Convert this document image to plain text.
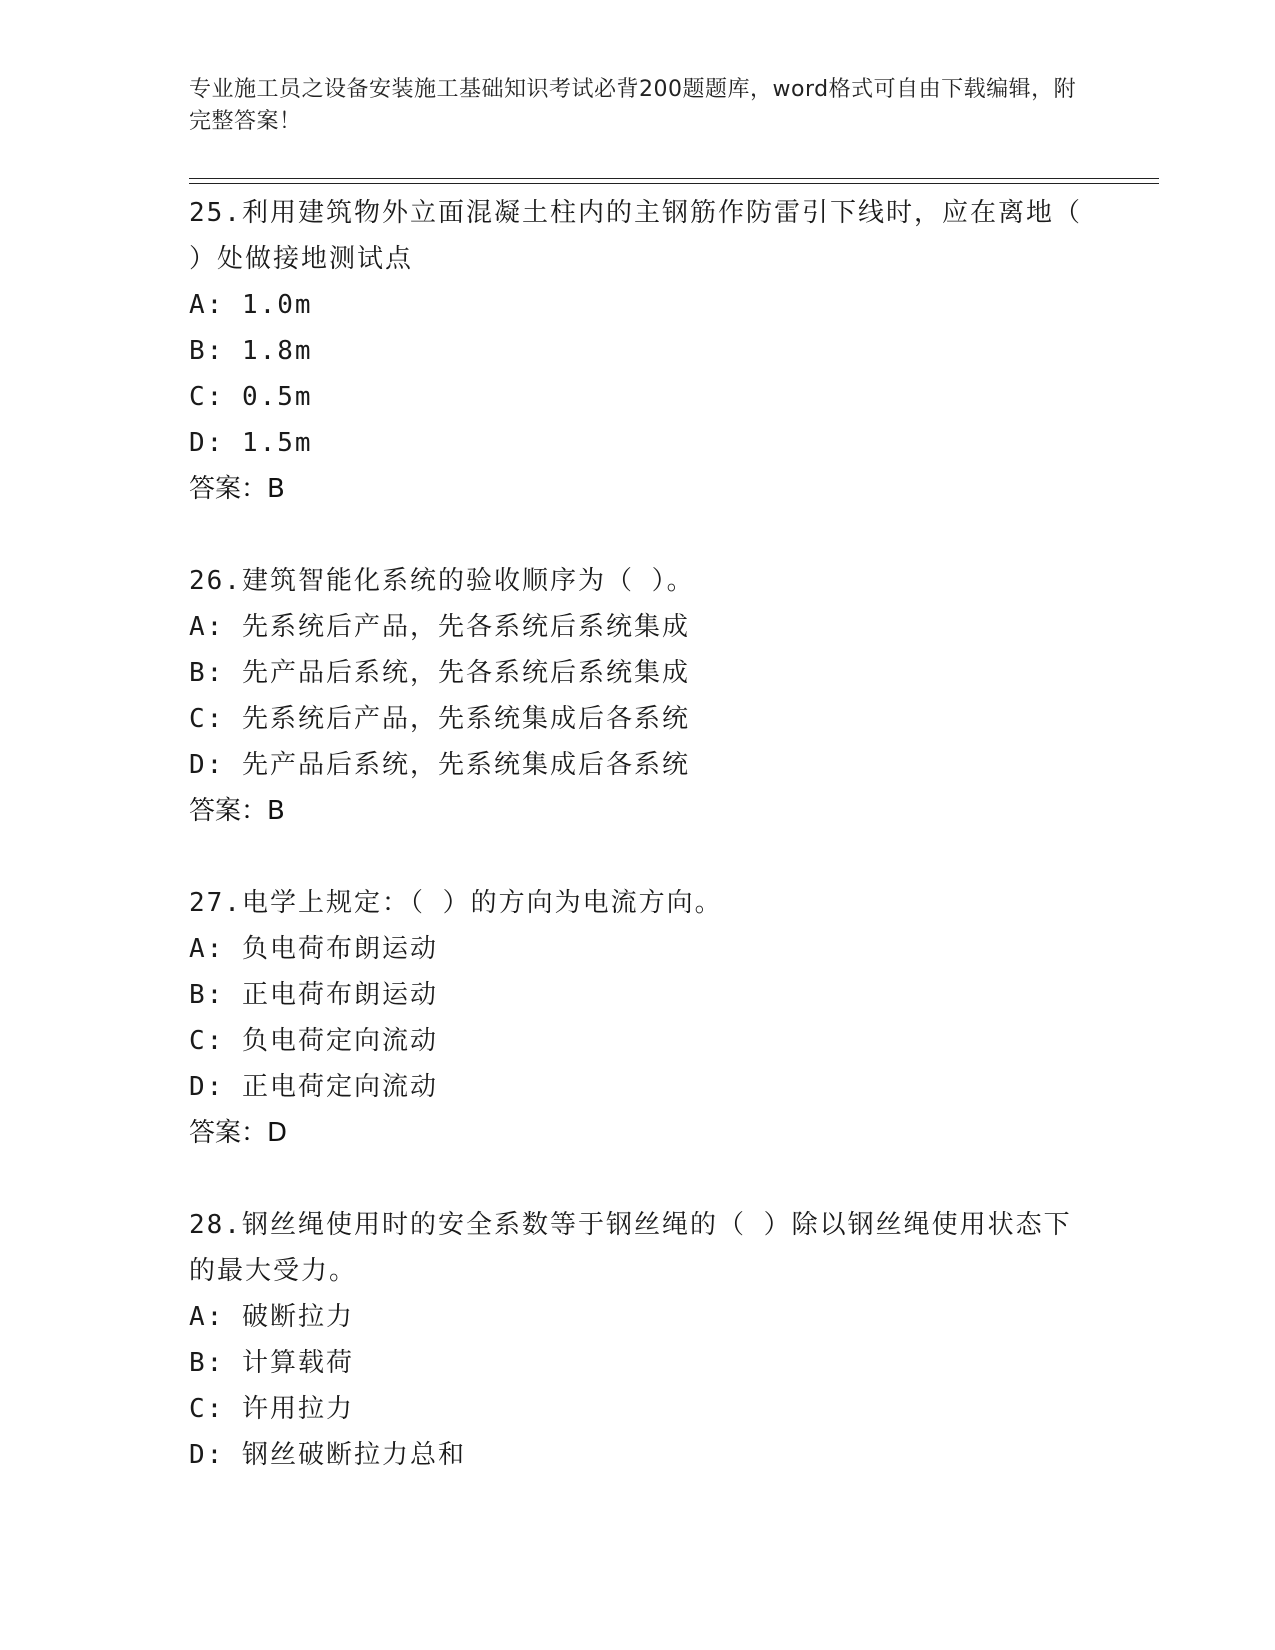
专业施工员之设备安装施工基础知识考试必背200题题库，word格式可自由下载编辑，附完整答案！

25.利用建筑物外立面混凝土柱内的主钢筋作防雷引下线时，应在离地（ ）处做接地测试点

A: 1.0m
B: 1.8m
C: 0.5m
D: 1.5m

答案：B

26.建筑智能化系统的验收顺序为（ ）。

A: 先系统后产品，先各系统后系统集成
B: 先产品后系统，先各系统后系统集成
C: 先系统后产品，先系统集成后各系统
D: 先产品后系统，先系统集成后各系统

答案：B

27.电学上规定：（ ）的方向为电流方向。

A: 负电荷布朗运动
B: 正电荷布朗运动
C: 负电荷定向流动
D: 正电荷定向流动

答案：D

28.钢丝绳使用时的安全系数等于钢丝绳的（ ）除以钢丝绳使用状态下的最大受力。

A: 破断拉力
B: 计算载荷
C: 许用拉力
D: 钢丝破断拉力总和
